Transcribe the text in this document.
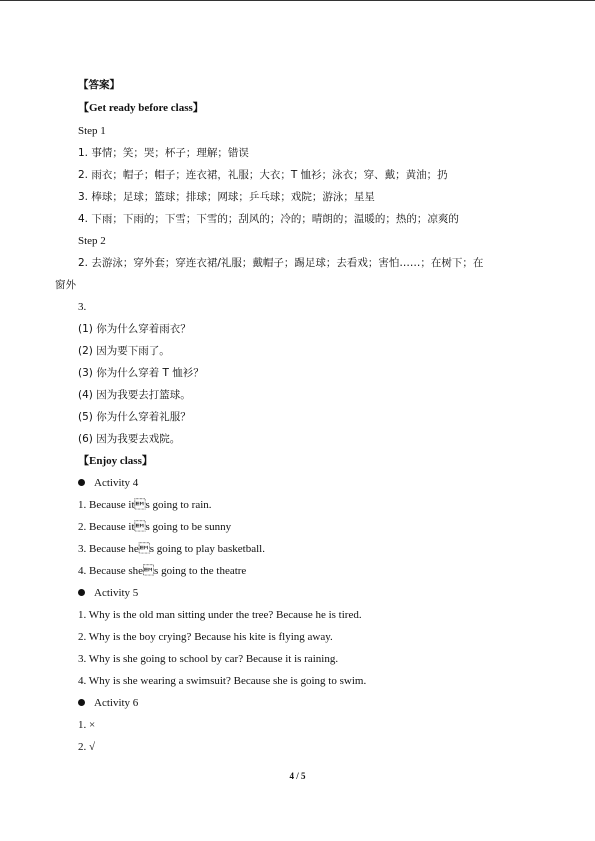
【答案】
【Get ready before class】
Step 1
1. 事情；笑；哭；杯子；理解；错误
2. 雨衣；帽子；帽子；连衣裙，礼服；大衣；T 恤衫；泳衣；穿、戴；黄油；扔
3. 棒球；足球；篮球；排球；网球；乒乓球；戏院；游泳；星星
4. 下雨；下雨的；下雪；下雪的；刮风的；冷的；晴朗的；温暖的；热的；凉爽的
Step 2
2. 去游泳；穿外套；穿连衣裙/礼服；戴帽子；踢足球；去看戏；害怕……；在树下；在
窗外
3.
(1) 你为什么穿着雨衣？
(2) 因为要下雨了。
(3) 你为什么穿着 T 恤衫？
(4) 因为我要去打篮球。
(5) 你为什么穿着礼服？
(6) 因为我要去戏院。
【Enjoy class】
Activity 4
1. Because its going to rain.
2. Because its going to be sunny
3. Because hes going to play basketball.
4. Because shes going to the theatre
Activity 5
1. Why is the old man sitting under the tree? Because he is tired.
2. Why is the boy crying? Because his kite is flying away.
3. Why is she going to school by car? Because it is raining.
4. Why is she wearing a swimsuit? Because she is going to swim.
Activity 6
1. ×
2. √
4 / 5
